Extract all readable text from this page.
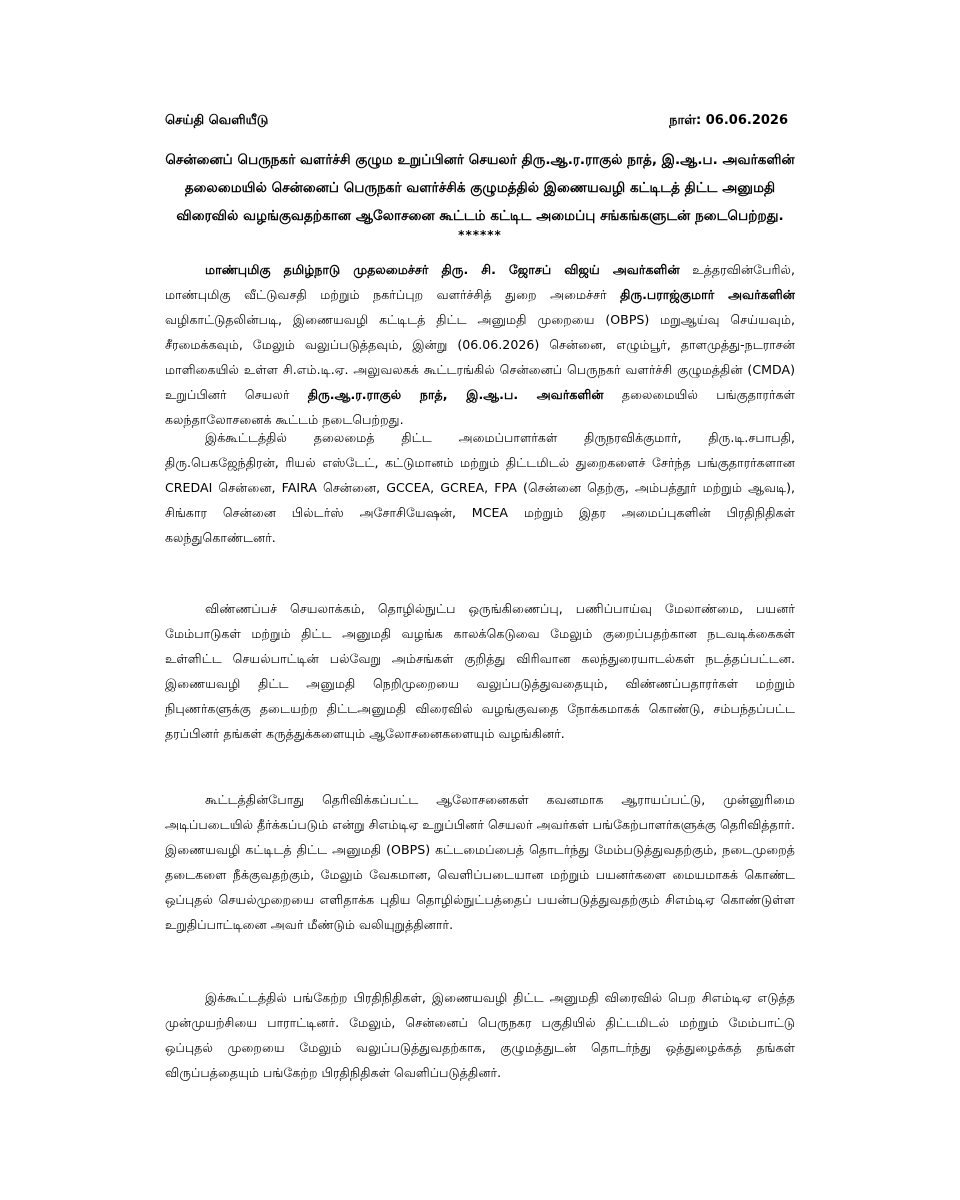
செய்தி வெளியீடு	நாள்: 06.06.2026
சென்னைப் பெருநகர் வளர்ச்சி குழும உறுப்பினர் செயலர் திரு.ஆ.ர.ராகுல் நாத், இ.ஆ.ப. அவர்களின் தலைமையில் சென்னைப் பெருநகர் வளர்ச்சிக் குழுமத்தில் இணையவழி கட்டிடத் திட்ட அனுமதி விரைவில் வழங்குவதற்கான ஆலோசனை கூட்டம் கட்டிட அமைப்பு சங்கங்களுடன் நடைபெற்றது.
******
மாண்புமிகு தமிழ்நாடு முதலமைச்சர் திரு. சி. ஜோசப் விஜய் அவர்களின் உத்தரவின்பேரில், மாண்புமிகு வீட்டுவசதி மற்றும் நகர்ப்புற வளர்ச்சித் துறை அமைச்சர் திரு.பராஜ்குமார் அவர்களின் வழிகாட்டுதலின்படி, இணையவழி கட்டிடத் திட்ட அனுமதி முறையை (OBPS) மறுஆய்வு செய்யவும், சீரமைக்கவும், மேலும் வலுப்படுத்தவும், இன்று (06.06.2026) சென்னை, எழும்பூர், தாளமுத்து-நடராசன் மாளிகையில் உள்ள சி.எம்.டி.ஏ. அலுவலகக் கூட்டரங்கில் சென்னைப் பெருநகர் வளர்ச்சி குழுமத்தின் (CMDA) உறுப்பினர் செயலர் திரு.ஆ.ர.ராகுல் நாத், இ.ஆ.ப. அவர்களின் தலைமையில் பங்குதாரர்கள் கலந்தாலோசனைக் கூட்டம் நடைபெற்றது.
இக்கூட்டத்தில் தலைமைத் திட்ட அமைப்பாளர்கள் திருநரவிக்குமார், திரு.டி.சபாபதி, திரு.பெகஜேந்திரன், ரியல் எஸ்டேட், கட்டுமானம் மற்றும் திட்டமிடல் துறைகளைச் சேர்ந்த பங்குதாரர்களான CREDAI சென்னை, FAIRA சென்னை, GCCEA, GCREA, FPA (சென்னை தெற்கு, அம்பத்தூர் மற்றும் ஆவடி), சிங்கார சென்னை பில்டர்ஸ் அசோசியேஷன், MCEA மற்றும் இதர அமைப்புகளின் பிரதிநிதிகள் கலந்துகொண்டனர்.
விண்ணப்பச் செயலாக்கம், தொழில்நுட்ப ஒருங்கிணைப்பு, பணிப்பாய்வு மேலாண்மை, பயனர் மேம்பாடுகள் மற்றும் திட்ட அனுமதி வழங்க காலக்கெடுவை மேலும் குறைப்பதற்கான நடவடிக்கைகள் உள்ளிட்ட செயல்பாட்டின் பல்வேறு அம்சங்கள் குறித்து விரிவான கலந்துரையாடல்கள் நடத்தப்பட்டன. இணையவழி திட்ட அனுமதி நெறிமுறையை வலுப்படுத்துவதையும், விண்ணப்பதாரர்கள் மற்றும் நிபுணர்களுக்கு தடையற்ற திட்டஅனுமதி விரைவில் வழங்குவதை நோக்கமாகக் கொண்டு, சம்பந்தப்பட்ட தரப்பினர் தங்கள் கருத்துக்களையும் ஆலோசனைகளையும் வழங்கினர்.
கூட்டத்தின்போது தெரிவிக்கப்பட்ட ஆலோசனைகள் கவனமாக ஆராயப்பட்டு, முன்னுரிமை அடிப்படையில் தீர்க்கப்படும் என்று சிஎம்டிஏ உறுப்பினர் செயலர் அவர்கள் பங்கேற்பாளர்களுக்கு தெரிவித்தார். இணையவழி கட்டிடத் திட்ட அனுமதி (OBPS) கட்டமைப்பைத் தொடர்ந்து மேம்படுத்துவதற்கும், நடைமுறைத் தடைகளை நீக்குவதற்கும், மேலும் வேகமான, வெளிப்படையான மற்றும் பயனர்களை மையமாகக் கொண்ட ஒப்புதல் செயல்முறையை எளிதாக்க புதிய தொழில்நுட்பத்தைப் பயன்படுத்துவதற்கும் சிஎம்டிஏ கொண்டுள்ள உறுதிப்பாட்டினை அவர் மீண்டும் வலியுறுத்தினார்.
இக்கூட்டத்தில் பங்கேற்ற பிரதிநிதிகள், இணையவழி திட்ட அனுமதி விரைவில் பெற சிஎம்டிஏ எடுத்த முன்முயற்சியை பாராட்டினர். மேலும், சென்னைப் பெருநகர பகுதியில் திட்டமிடல் மற்றும் மேம்பாட்டு ஒப்புதல் முறையை மேலும் வலுப்படுத்துவதற்காக, குழுமத்துடன் தொடர்ந்து ஒத்துழைக்கத் தங்கள் விருப்பத்தையும் பங்கேற்ற பிரதிநிதிகள் வெளிப்படுத்தினர்.
